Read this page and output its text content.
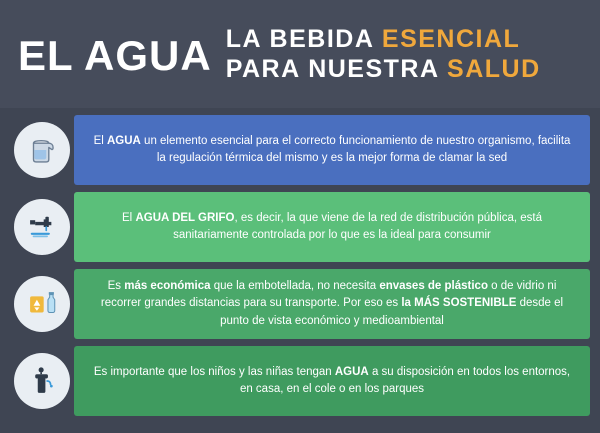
EL AGUA LA BEBIDA ESENCIAL
PARA NUESTRA SALUD

El AGUA un elemento esencial para el correcto funcionamiento de nuestro organismo, facilita la regulación térmica del mismo y es la mejor forma de clamar la sed

El AGUA DEL GRIFO, es decir, la que viene de la red de distribución pública, está sanitariamente controlada por lo que es la ideal para consumir

Es más económica que la embotellada, no necesita envases de plástico o de vidrio ni recorrer grandes distancias para su transporte. Por eso es la MÁS SOSTENIBLE desde el punto de vista económico y medioambiental

Es importante que los niños y las niñas tengan AGUA a su disposición en todos los entornos, en casa, en el cole o en los parques
